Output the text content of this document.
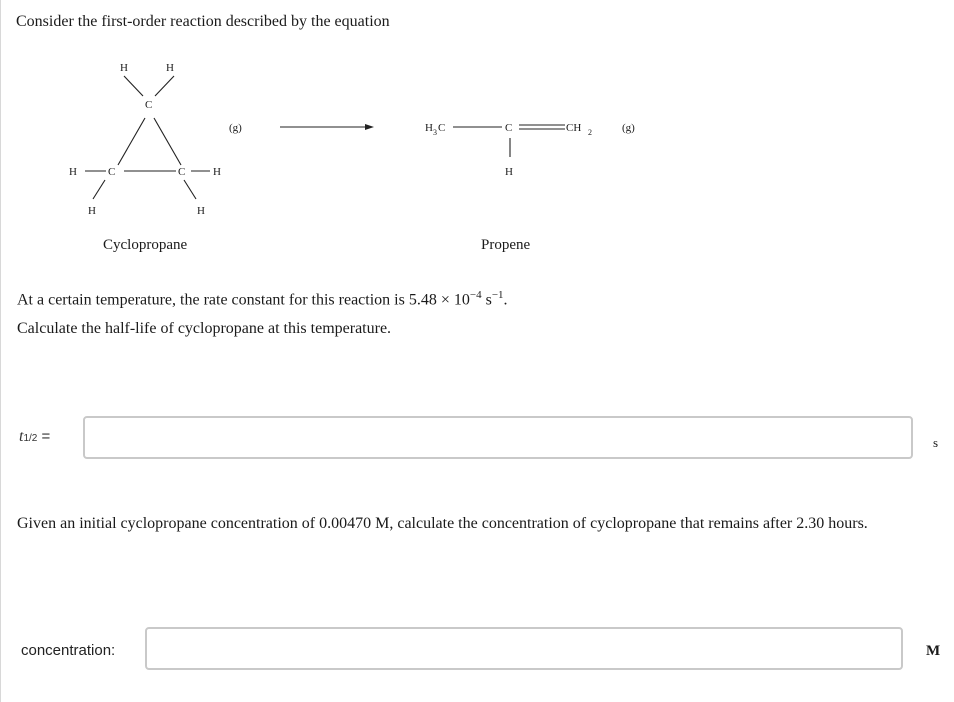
Consider the first-order reaction described by the equation
H	H
C
H	C	C	H
H	H
(g)	H 3 C	C	CH 2
H
(g)
Cyclopropane	Propene
At a certain temperature, the rate constant for this reaction is $5.48 \times 10^{-4}$ $s^{-1}$.
Calculate the half-life of cyclopropane at this temperature.
t1/2 =	s
Given an initial cyclopropane concentration of 0.00470 M, calculate the concentration of cyclopropane that remains after 2.30 hours.
concentration:	M
